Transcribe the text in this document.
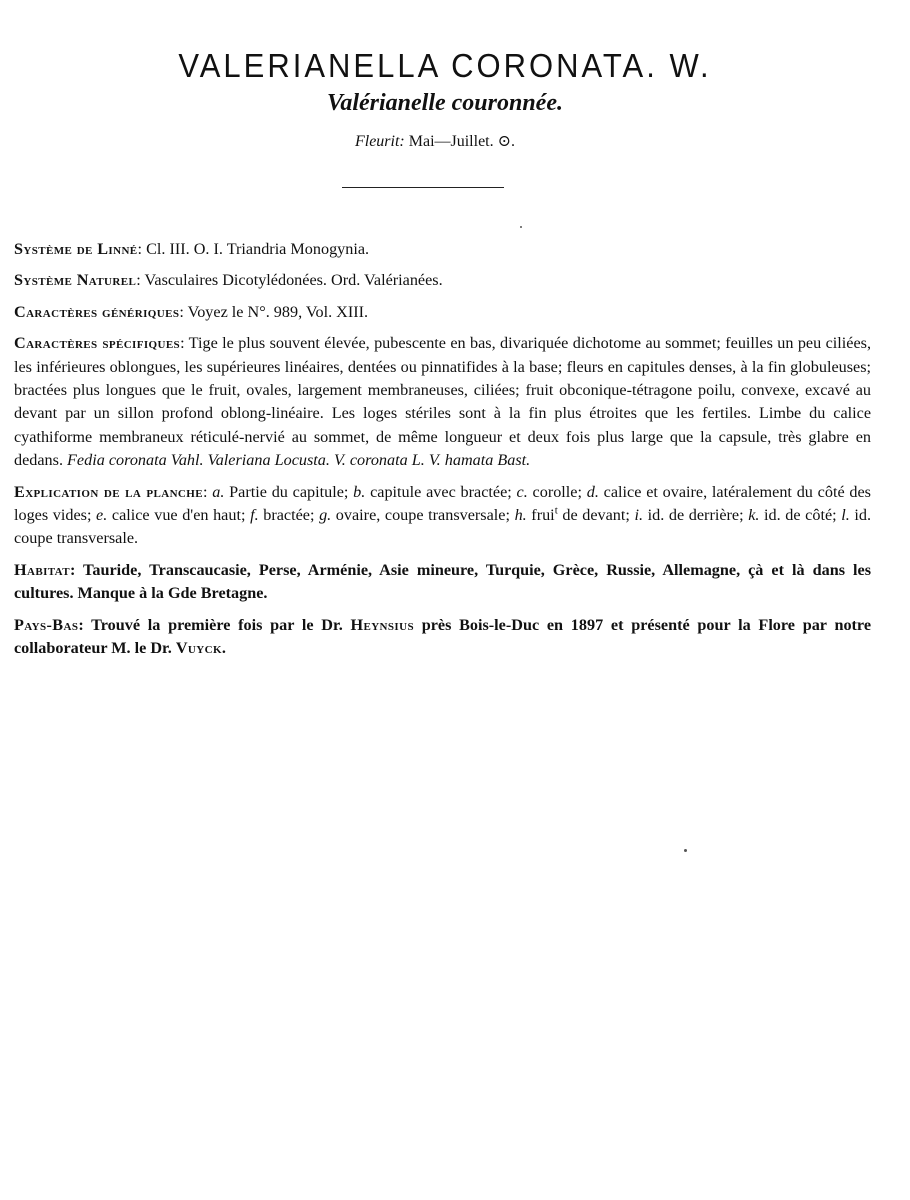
VALERIANELLA CORONATA. W.
Valérianelle couronnée.
Fleurit: Mai—Juillet. ⊙.

Système de Linné: Cl. III. O. I. Triandria Monogynia.

Système Naturel: Vasculaires Dicotylédonées. Ord. Valérianées.

Caractères génériques: Voyez le N°. 989, Vol. XIII.

Caractères spécifiques: Tige le plus souvent élevée, pubescente en bas, divariquée dichotome au sommet; feuilles un peu ciliées, les inférieures oblongues, les supérieures linéaires, dentées ou pinnatifides à la base; fleurs en capitules denses, à la fin globuleuses; bractées plus longues que le fruit, ovales, largement membraneuses, ciliées; fruit obconique-tétragone poilu, convexe, excavé au devant par un sillon profond oblong-linéaire. Les loges stériles sont à la fin plus étroites que les fertiles. Limbe du calice cyathiforme membraneux réticulé-nervié au sommet, de même longueur et deux fois plus large que la capsule, très glabre en dedans. Fedia coronata Vahl. Valeriana Locusta. V. coronata L. V. hamata Bast.

Explication de la planche: a. Partie du capitule; b. capitule avec bractée; c. corolle; d. calice et ovaire, latéralement du côté des loges vides; e. calice vue d'en haut; f. bractée; g. ovaire, coupe transversale; h. frui$^t$ de devant; i. id. de derrière; k. id. de côté; l. id. coupe transversale.

Habitat: Tauride, Transcaucasie, Perse, Arménie, Asie mineure, Turquie, Grèce, Russie, Allemagne, çà et là dans les cultures. Manque à la Gde Bretagne.

Pays-Bas: Trouvé la première fois par le Dr. Heynsius près Bois-le-Duc en 1897 et présenté pour la Flore par notre collaborateur M. le Dr. Vuyck.
